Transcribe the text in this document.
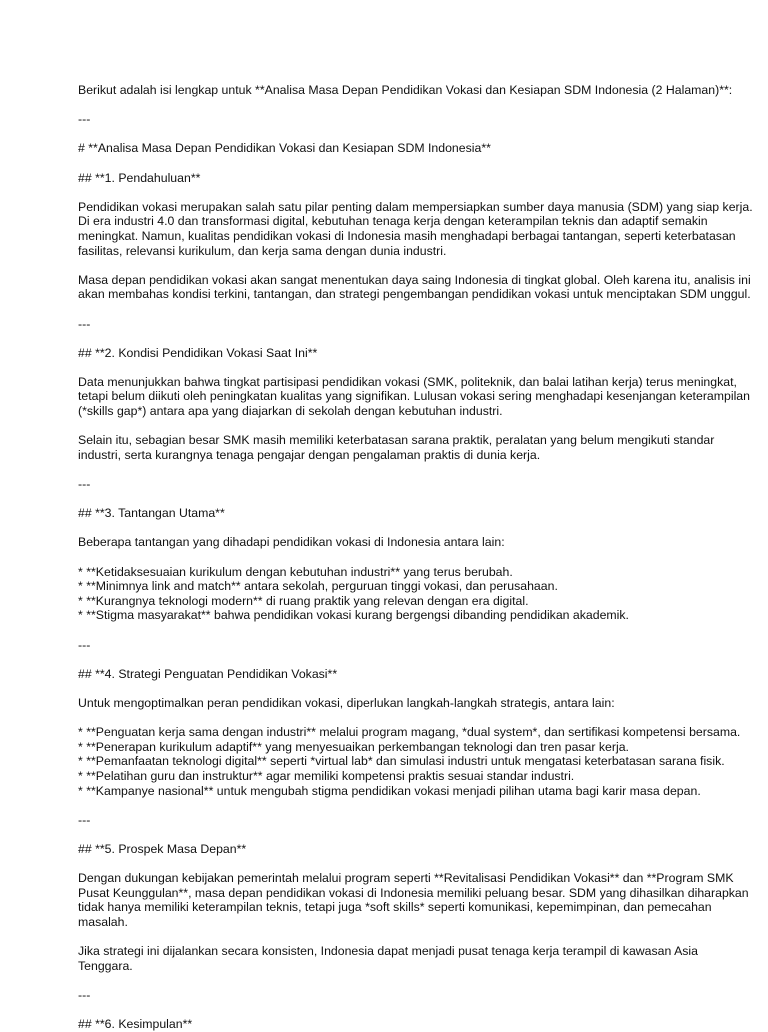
Berikut adalah isi lengkap untuk **Analisa Masa Depan Pendidikan Vokasi dan Kesiapan SDM Indonesia (2 Halaman)**:

---

# **Analisa Masa Depan Pendidikan Vokasi dan Kesiapan SDM Indonesia**

## **1. Pendahuluan**

Pendidikan vokasi merupakan salah satu pilar penting dalam mempersiapkan sumber daya manusia (SDM) yang siap kerja.
Di era industri 4.0 dan transformasi digital, kebutuhan tenaga kerja dengan keterampilan teknis dan adaptif semakin
meningkat. Namun, kualitas pendidikan vokasi di Indonesia masih menghadapi berbagai tantangan, seperti keterbatasan
fasilitas, relevansi kurikulum, dan kerja sama dengan dunia industri.

Masa depan pendidikan vokasi akan sangat menentukan daya saing Indonesia di tingkat global. Oleh karena itu, analisis ini
akan membahas kondisi terkini, tantangan, dan strategi pengembangan pendidikan vokasi untuk menciptakan SDM unggul.

---

## **2. Kondisi Pendidikan Vokasi Saat Ini**

Data menunjukkan bahwa tingkat partisipasi pendidikan vokasi (SMK, politeknik, dan balai latihan kerja) terus meningkat,
tetapi belum diikuti oleh peningkatan kualitas yang signifikan. Lulusan vokasi sering menghadapi kesenjangan keterampilan
(*skills gap*) antara apa yang diajarkan di sekolah dengan kebutuhan industri.

Selain itu, sebagian besar SMK masih memiliki keterbatasan sarana praktik, peralatan yang belum mengikuti standar
industri, serta kurangnya tenaga pengajar dengan pengalaman praktis di dunia kerja.

---

## **3. Tantangan Utama**

Beberapa tantangan yang dihadapi pendidikan vokasi di Indonesia antara lain:

* **Ketidaksesuaian kurikulum dengan kebutuhan industri** yang terus berubah.
* **Minimnya link and match** antara sekolah, perguruan tinggi vokasi, dan perusahaan.
* **Kurangnya teknologi modern** di ruang praktik yang relevan dengan era digital.
* **Stigma masyarakat** bahwa pendidikan vokasi kurang bergengsi dibanding pendidikan akademik.

---

## **4. Strategi Penguatan Pendidikan Vokasi**

Untuk mengoptimalkan peran pendidikan vokasi, diperlukan langkah-langkah strategis, antara lain:

* **Penguatan kerja sama dengan industri** melalui program magang, *dual system*, dan sertifikasi kompetensi bersama.
* **Penerapan kurikulum adaptif** yang menyesuaikan perkembangan teknologi dan tren pasar kerja.
* **Pemanfaatan teknologi digital** seperti *virtual lab* dan simulasi industri untuk mengatasi keterbatasan sarana fisik.
* **Pelatihan guru dan instruktur** agar memiliki kompetensi praktis sesuai standar industri.
* **Kampanye nasional** untuk mengubah stigma pendidikan vokasi menjadi pilihan utama bagi karir masa depan.

---

## **5. Prospek Masa Depan**

Dengan dukungan kebijakan pemerintah melalui program seperti **Revitalisasi Pendidikan Vokasi** dan **Program SMK
Pusat Keunggulan**, masa depan pendidikan vokasi di Indonesia memiliki peluang besar. SDM yang dihasilkan diharapkan
tidak hanya memiliki keterampilan teknis, tetapi juga *soft skills* seperti komunikasi, kepemimpinan, dan pemecahan
masalah.

Jika strategi ini dijalankan secara konsisten, Indonesia dapat menjadi pusat tenaga kerja terampil di kawasan Asia
Tenggara.

---

## **6. Kesimpulan**
